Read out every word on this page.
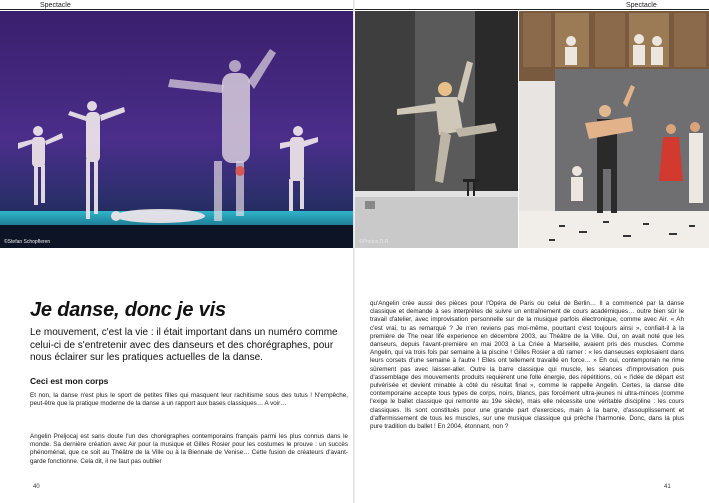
Spectacle	Spectacle
©Stefan Schopfleren	©Photos D.R.
Je danse, donc je vis

Le mouvement, c'est la vie : il était important dans un numéro comme celui-ci de s'entretenir avec des danseurs et des chorégraphes, pour nous éclairer sur les pratiques actuelles de la danse.

Ceci est mon corps

Et non, la danse n'est plus le sport de petites filles qui masquent leur rachitisme sous des tutus ! N'empêche, peut-être que la pratique moderne de la danse a un rapport aux bases classiques… A voir…

Angelin Preljocaj est sans doute l'un des chorégraphes contemporains français parmi les plus connus dans le monde. Sa dernière création avec Air pour la musique et Gilles Rosier pour les costumes le prouve : un succès phénoménal, que ce soit au Théâtre de la Ville ou à la Biennale de Venise… Cette fusion de créateurs d'avant-garde fonctionne. Cela dit, il ne faut pas oublier

qu'Angelin crée aussi des pièces pour l'Opéra de Paris ou celui de Berlin… Il a commencé par la danse classique et demande à ses interprètes de suivre un entraînement de cours académiques… outre bien sûr le travail d'atelier, avec improvisation personnelle sur de la musique parfois électronique, comme avec Air. « Ah c'est vrai, tu as remarqué ? Je n'en reviens pas moi-même, pourtant c'est toujours ainsi », confiait-il à la première de The near life experience en décembre 2003, au Théâtre de la Ville. Oui, on avait noté que les danseurs, depuis l'avant-première en mai 2003 à La Criée à Marseille, avaient pris des muscles. Comme Angelin, qui va trois fois par semaine à la piscine ! Gilles Rosier a dû ramer : « les danseuses explosaient dans leurs corsets d'une semaine à l'autre ! Elles ont tellement travaillé en force… » Eh oui, contemporain ne rime sûrement pas avec laisser-aller. Outre la barre classique qui muscle, les séances d'improvisation puis d'assemblage des mouvements produits requièrent une folle énergie, des répétitions, où « l'idée de départ est pulvérisée et devient minable à côté du résultat final », comme le rappelle Angelin. Certes, la danse dite contemporaine accepte tous types de corps, noirs, blancs, pas forcément ultra-jeunes ni ultra-minces (comme l'exige le ballet classique qui remonte au 19e siècle), mais elle nécessite une véritable discipline : les cours classiques. Ils sont constitués pour une grande part d'exercices, main à la barre, d'assouplissement et d'affermissement de tous les muscles, sur une musique classique qui prêche l'harmonie. Donc, dans la plus pure tradition du ballet ! En 2004, étonnant, non ?

40	41
